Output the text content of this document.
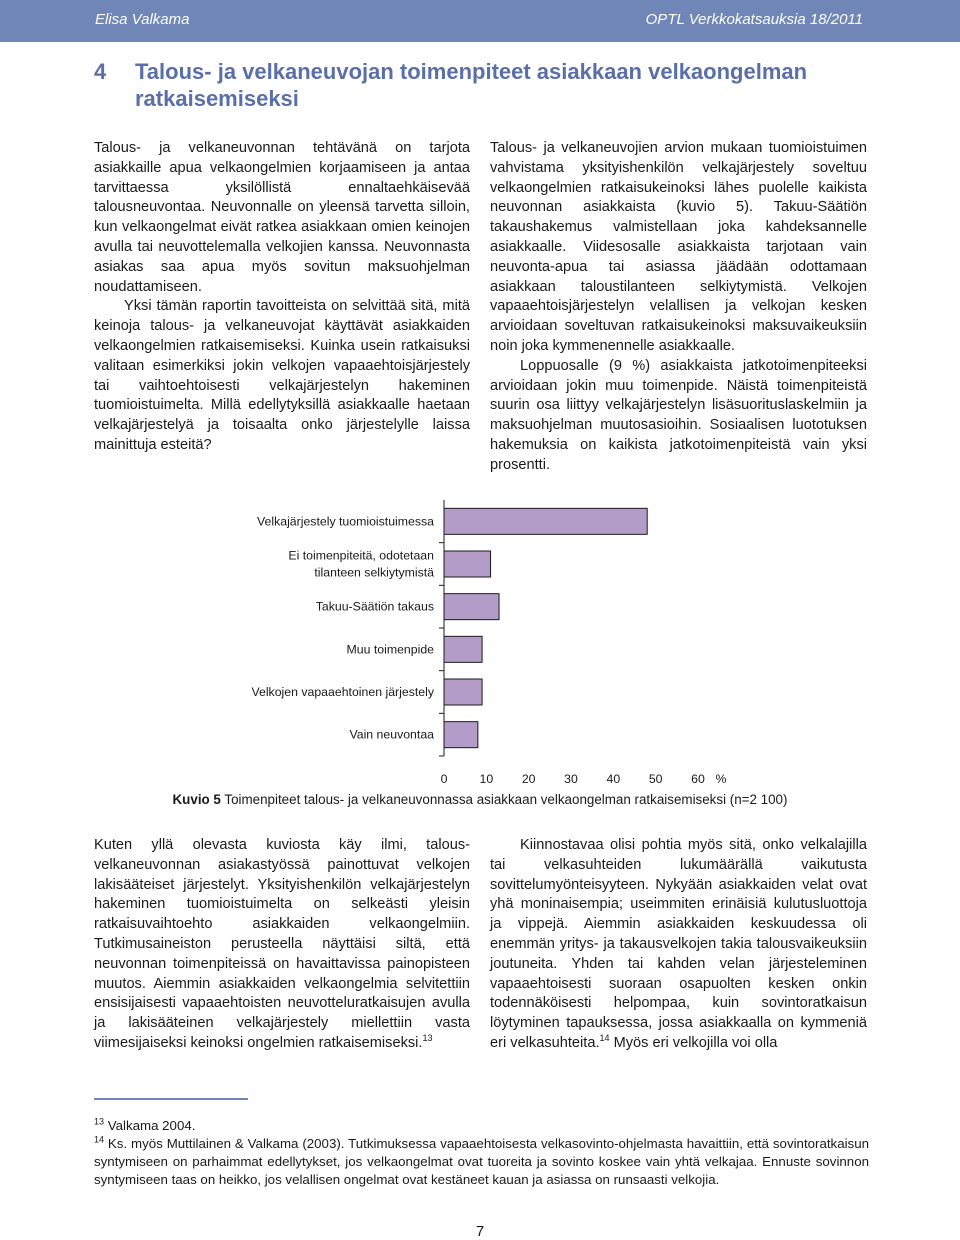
Elisa Valkama	OPTL Verkkokatsauksia 18/2011
4 Talous- ja velkaneuvojan toimenpiteet asiakkaan velkaongelman ratkaisemiseksi

Talous- ja velkaneuvonnan tehtävänä on tarjota asiakkaille apua velkaongelmien korjaamiseen ja antaa tarvittaessa yksilöllistä ennaltaehkäisevää talousneuvontaa. Neuvonnalle on yleensä tarvetta silloin, kun velkaongelmat eivät ratkea asiakkaan omien keinojen avulla tai neuvottelemalla velkojien kanssa. Neuvonnasta asiakas saa apua myös sovitun maksuohjelman noudattamiseen.

Yksi tämän raportin tavoitteista on selvittää sitä, mitä keinoja talous- ja velkaneuvojat käyttävät asiakkaiden velkaongelmien ratkaisemiseksi. Kuinka usein ratkaisuksi valitaan esimerkiksi jokin velkojen vapaaehtoisjärjestely tai vaihtoehtoisesti velkajärjestelyn hakeminen tuomioistuimelta. Millä edellytyksillä asiakkaalle haetaan velkajärjestelyä ja toisaalta onko järjestelylle laissa mainittuja esteitä?

Talous- ja velkaneuvojien arvion mukaan tuomioistuimen vahvistama yksityishenkilön velkajärjestely soveltuu velkaongelmien ratkaisukeinoksi lähes puolelle kaikista neuvonnan asiakkaista (kuvio 5). Takuu-Säätiön takaushakemus valmistellaan joka kahdeksannelle asiakkaalle. Viidesosalle asiakkaista tarjotaan vain neuvonta-apua tai asiassa jäädään odottamaan asiakkaan taloustilanteen selkiytymistä. Velkojen vapaaehtoisjärjestelyn velallisen ja velkojan kesken arvioidaan soveltuvan ratkaisukeinoksi maksuvaikeuksiin noin joka kymmenennelle asiakkaalle.

Loppuosalle (9 %) asiakkaista jatkotoimenpiteeksi arvioidaan jokin muu toimenpide. Näistä toimenpiteistä suurin osa liittyy velkajärjestelyn lisäsuorituslaskelmiin ja maksuohjelman muutosasioihin. Sosiaalisen luototuksen hakemuksia on kaikista jatkotoimenpiteistä vain yksi prosentti.

Velkajärjestely tuomioistuimessa
Ei toimenpiteitä, odotetaan tilanteen selkiytymistä
Takuu-Säätiön takaus
Muu toimenpide
Velkojen vapaaehtoinen järjestely
Vain neuvontaa
0	10 20 30 40 50 60 %
Kuvio 5 Toimenpiteet talous- ja velkaneuvonnassa asiakkaan velkaongelman ratkaisemiseksi (n=2 100)

Kuten yllä olevasta kuviosta käy ilmi, talous- velkaneuvonnan asiakastyössä painottuvat velkojen lakisääteiset järjestelyt. Yksityishenkilön velkajärjestelyn hakeminen tuomioistuimelta on selkeästi yleisin ratkaisuvaihtoehto asiakkaiden velkaongelmiin. Tutkimusaineiston perusteella näyttäisi siltä, että neuvonnan toimenpiteissä on havaittavissa painopisteen muutos. Aiemmin asiakkaiden velkaongelmia selvitettiin ensisijaisesti vapaaehtoisten neuvotteluratkaisujen avulla ja lakisääteinen velkajärjestely miellettiin vasta viimesijaiseksi keinoksi ongelmien ratkaisemiseksi.$^{13}$

Kiinnostavaa olisi pohtia myös sitä, onko velkalajilla tai velkasuhteiden lukumäärällä vaikutusta sovittelumyönteisyyteen. Nykyään asiakkaiden velat ovat yhä moninaisempia; useimmiten erinäisiä kulutusluottoja ja vippejä. Aiemmin asiakkaiden keskuudessa oli enemmän yritys- ja takausvelkojen takia talousvaikeuksiin joutuneita. Yhden tai kahden velan järjesteleminen vapaaehtoisesti suoraan osapuolten kesken onkin todennäköisesti helpompaa, kuin sovintoratkaisun löytyminen tapauksessa, jossa asiakkaalla on kymmeniä eri velkasuhteita.$^{14}$ Myös eri velkojilla voi olla

$^{13}$ Valkama 2004.

$^{14}$ Ks. myös Muttilainen & Valkama (2003). Tutkimuksessa vapaaehtoisesta velkasovinto-ohjelmasta havaittiin, että sovintoratkaisun syntymiseen on parhaimmat edellytykset, jos velkaongelmat ovat tuoreita ja sovinto koskee vain yhtä velkajaa. Ennuste sovinnon syntymiseen taas on heikko, jos velallisen ongelmat ovat kestäneet kauan ja asiassa on runsaasti velkojia.

7
